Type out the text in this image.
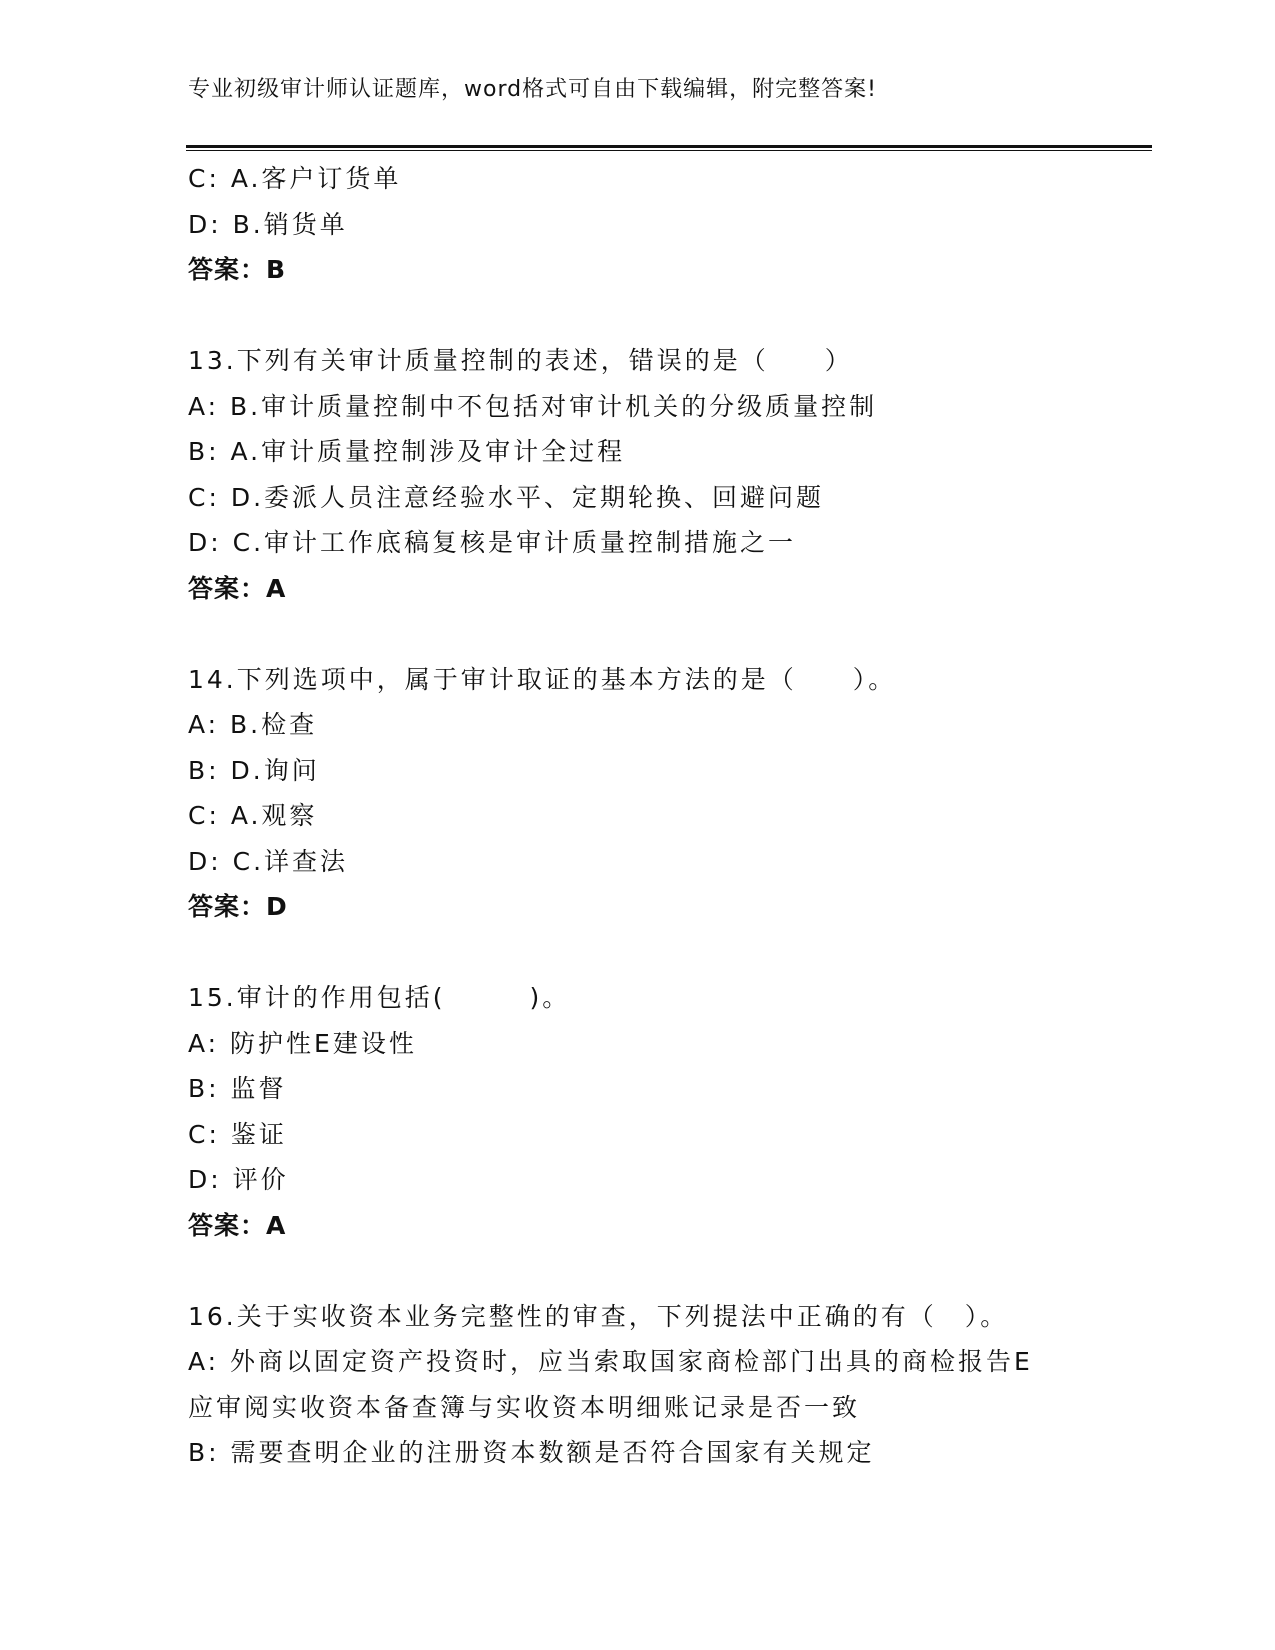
专业初级审计师认证题库，word格式可自由下载编辑，附完整答案!
C: A.客户订货单
D: B.销货单
答案：B
13.下列有关审计质量控制的表述，错误的是（　　）
A: B.审计质量控制中不包括对审计机关的分级质量控制
B: A.审计质量控制涉及审计全过程
C: D.委派人员注意经验水平、定期轮换、回避问题
D: C.审计工作底稿复核是审计质量控制措施之一
答案：A
14.下列选项中，属于审计取证的基本方法的是（　　）。
A: B.检查
B: D.询问
C: A.观察
D: C.详查法
答案：D
15.审计的作用包括(　　　)。
A: 防护性E建设性
B: 监督
C: 鉴证
D: 评价
答案：A
16.关于实收资本业务完整性的审查，下列提法中正确的有（　）。
A: 外商以固定资产投资时，应当索取国家商检部门出具的商检报告E
应审阅实收资本备查簿与实收资本明细账记录是否一致
B: 需要查明企业的注册资本数额是否符合国家有关规定
